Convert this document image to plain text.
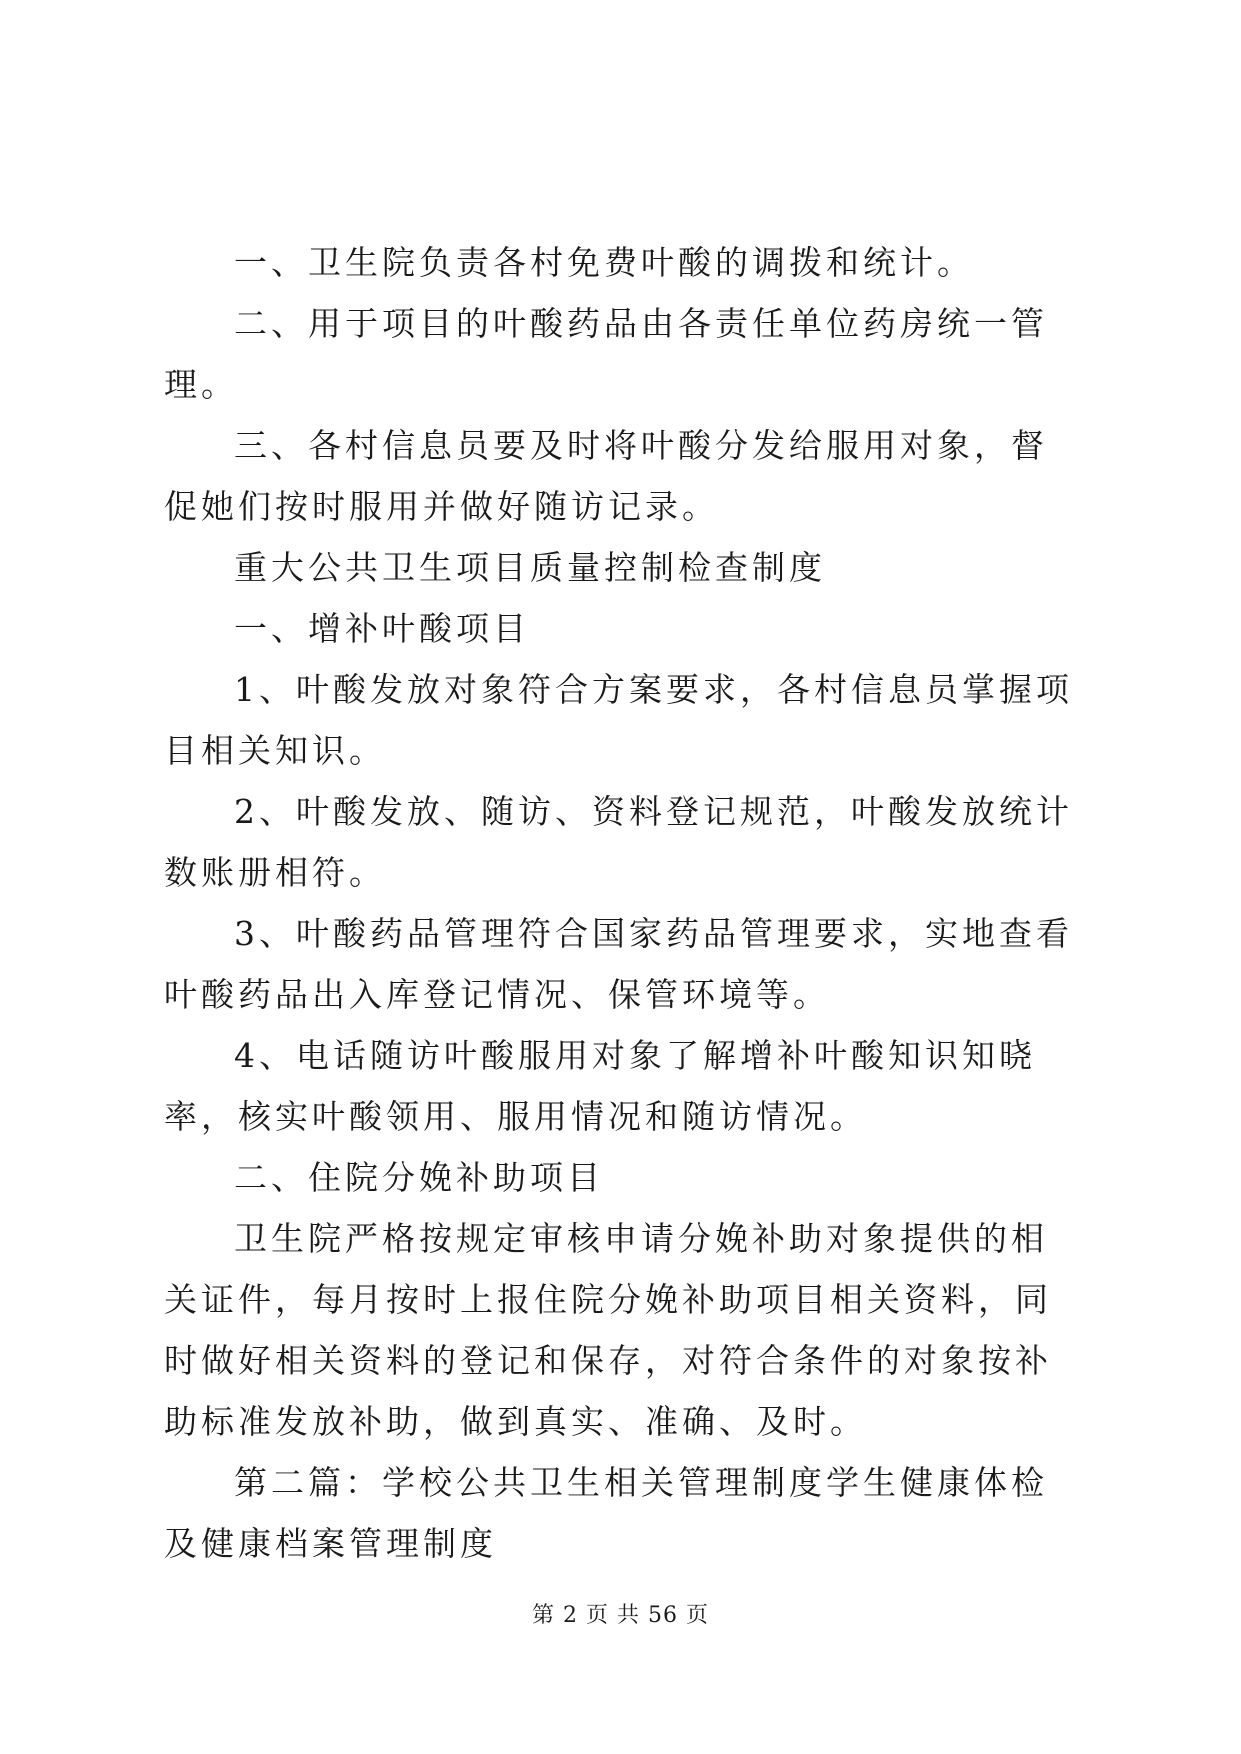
一、卫生院负责各村免费叶酸的调拨和统计。

二、用于项目的叶酸药品由各责任单位药房统一管理。

三、各村信息员要及时将叶酸分发给服用对象，督促她们按时服用并做好随访记录。

重大公共卫生项目质量控制检查制度

一、增补叶酸项目

1、叶酸发放对象符合方案要求，各村信息员掌握项目相关知识。

2、叶酸发放、随访、资料登记规范，叶酸发放统计数账册相符。

3、叶酸药品管理符合国家药品管理要求，实地查看叶酸药品出入库登记情况、保管环境等。

4、电话随访叶酸服用对象了解增补叶酸知识知晓率，核实叶酸领用、服用情况和随访情况。

二、住院分娩补助项目

卫生院严格按规定审核申请分娩补助对象提供的相关证件，每月按时上报住院分娩补助项目相关资料，同时做好相关资料的登记和保存，对符合条件的对象按补助标准发放补助，做到真实、准确、及时。

第二篇：学校公共卫生相关管理制度学生健康体检及健康档案管理制度

第 2 页 共 56 页
